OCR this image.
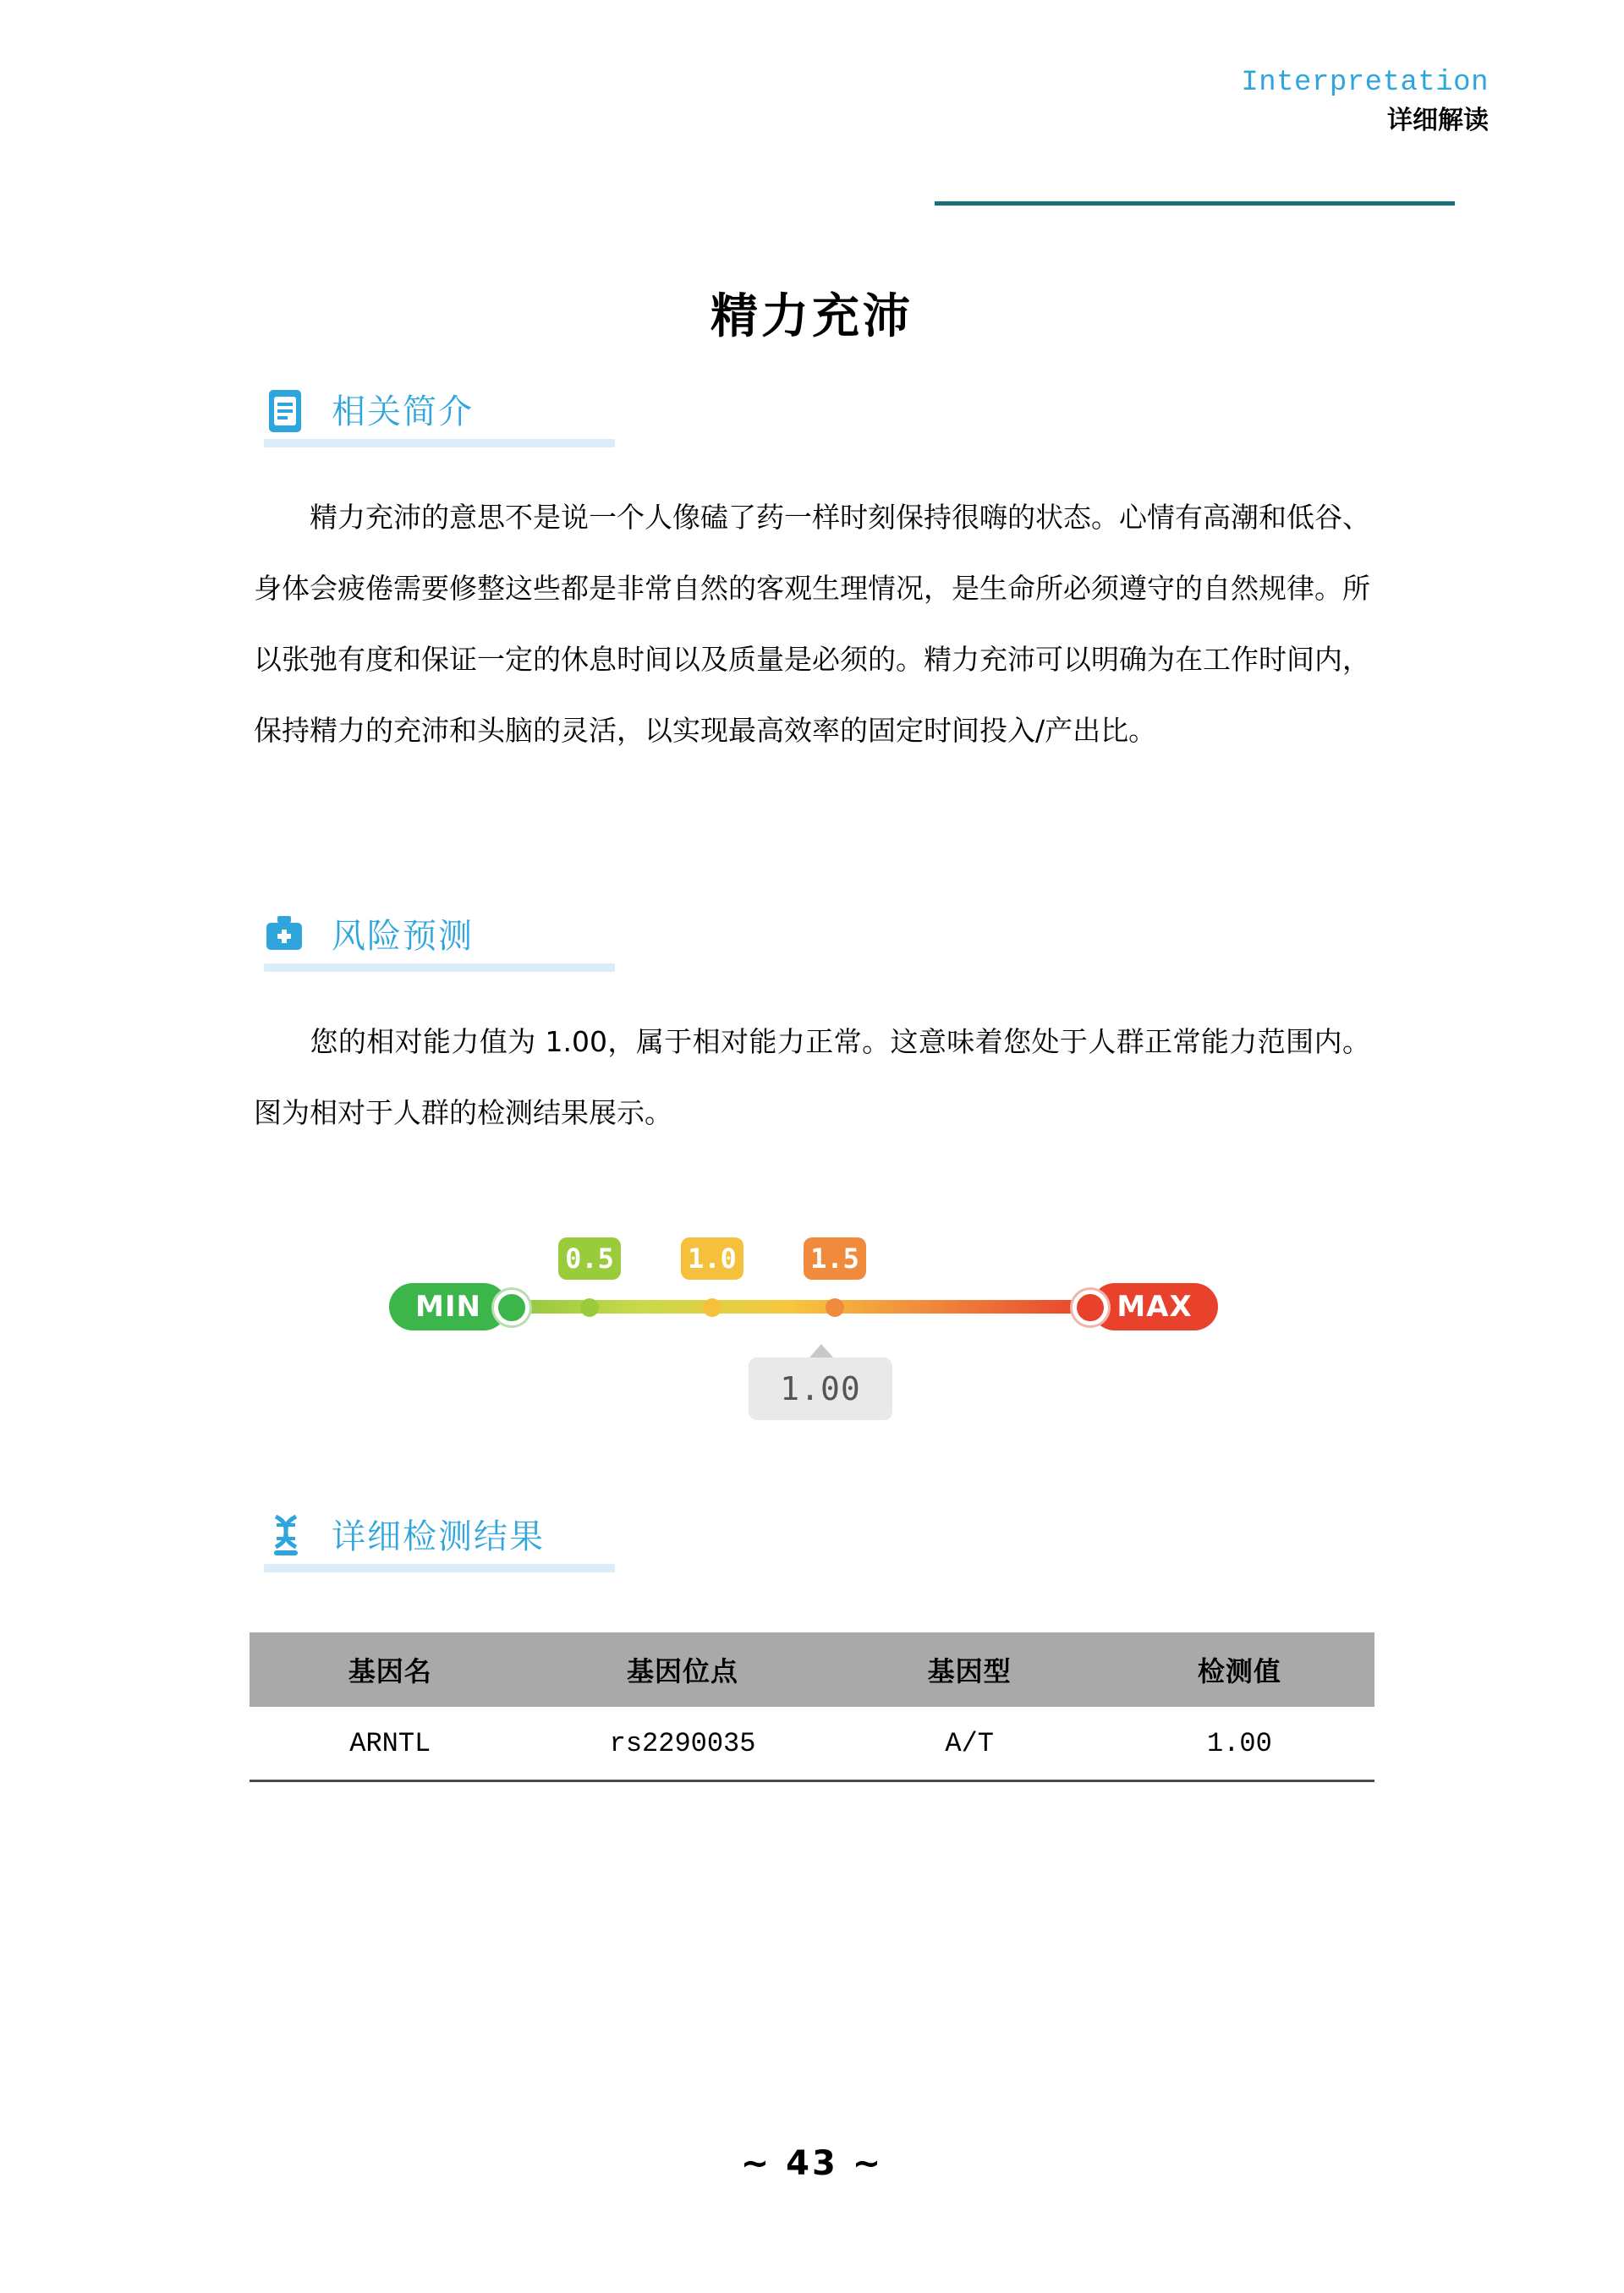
Interpretation
详细解读
精力充沛
相关简介
精力充沛的意思不是说一个人像磕了药一样时刻保持很嗨的状态。心情有高潮和低谷、身体会疲倦需要修整这些都是非常自然的客观生理情况，是生命所必须遵守的自然规律。所以张弛有度和保证一定的休息时间以及质量是必须的。精力充沛可以明确为在工作时间内，保持精力的充沛和头脑的灵活，以实现最高效率的固定时间投入/产出比。
风险预测
您的相对能力值为 1.00，属于相对能力正常。这意味着您处于人群正常能力范围内。图为相对于人群的检测结果展示。
MIN	MAX
0.5	1.0	1.5
1.00
详细检测结果
基因名	基因位点	基因型	检测值
ARNTL	rs2290035	A/T	1.00
~ 43 ~
